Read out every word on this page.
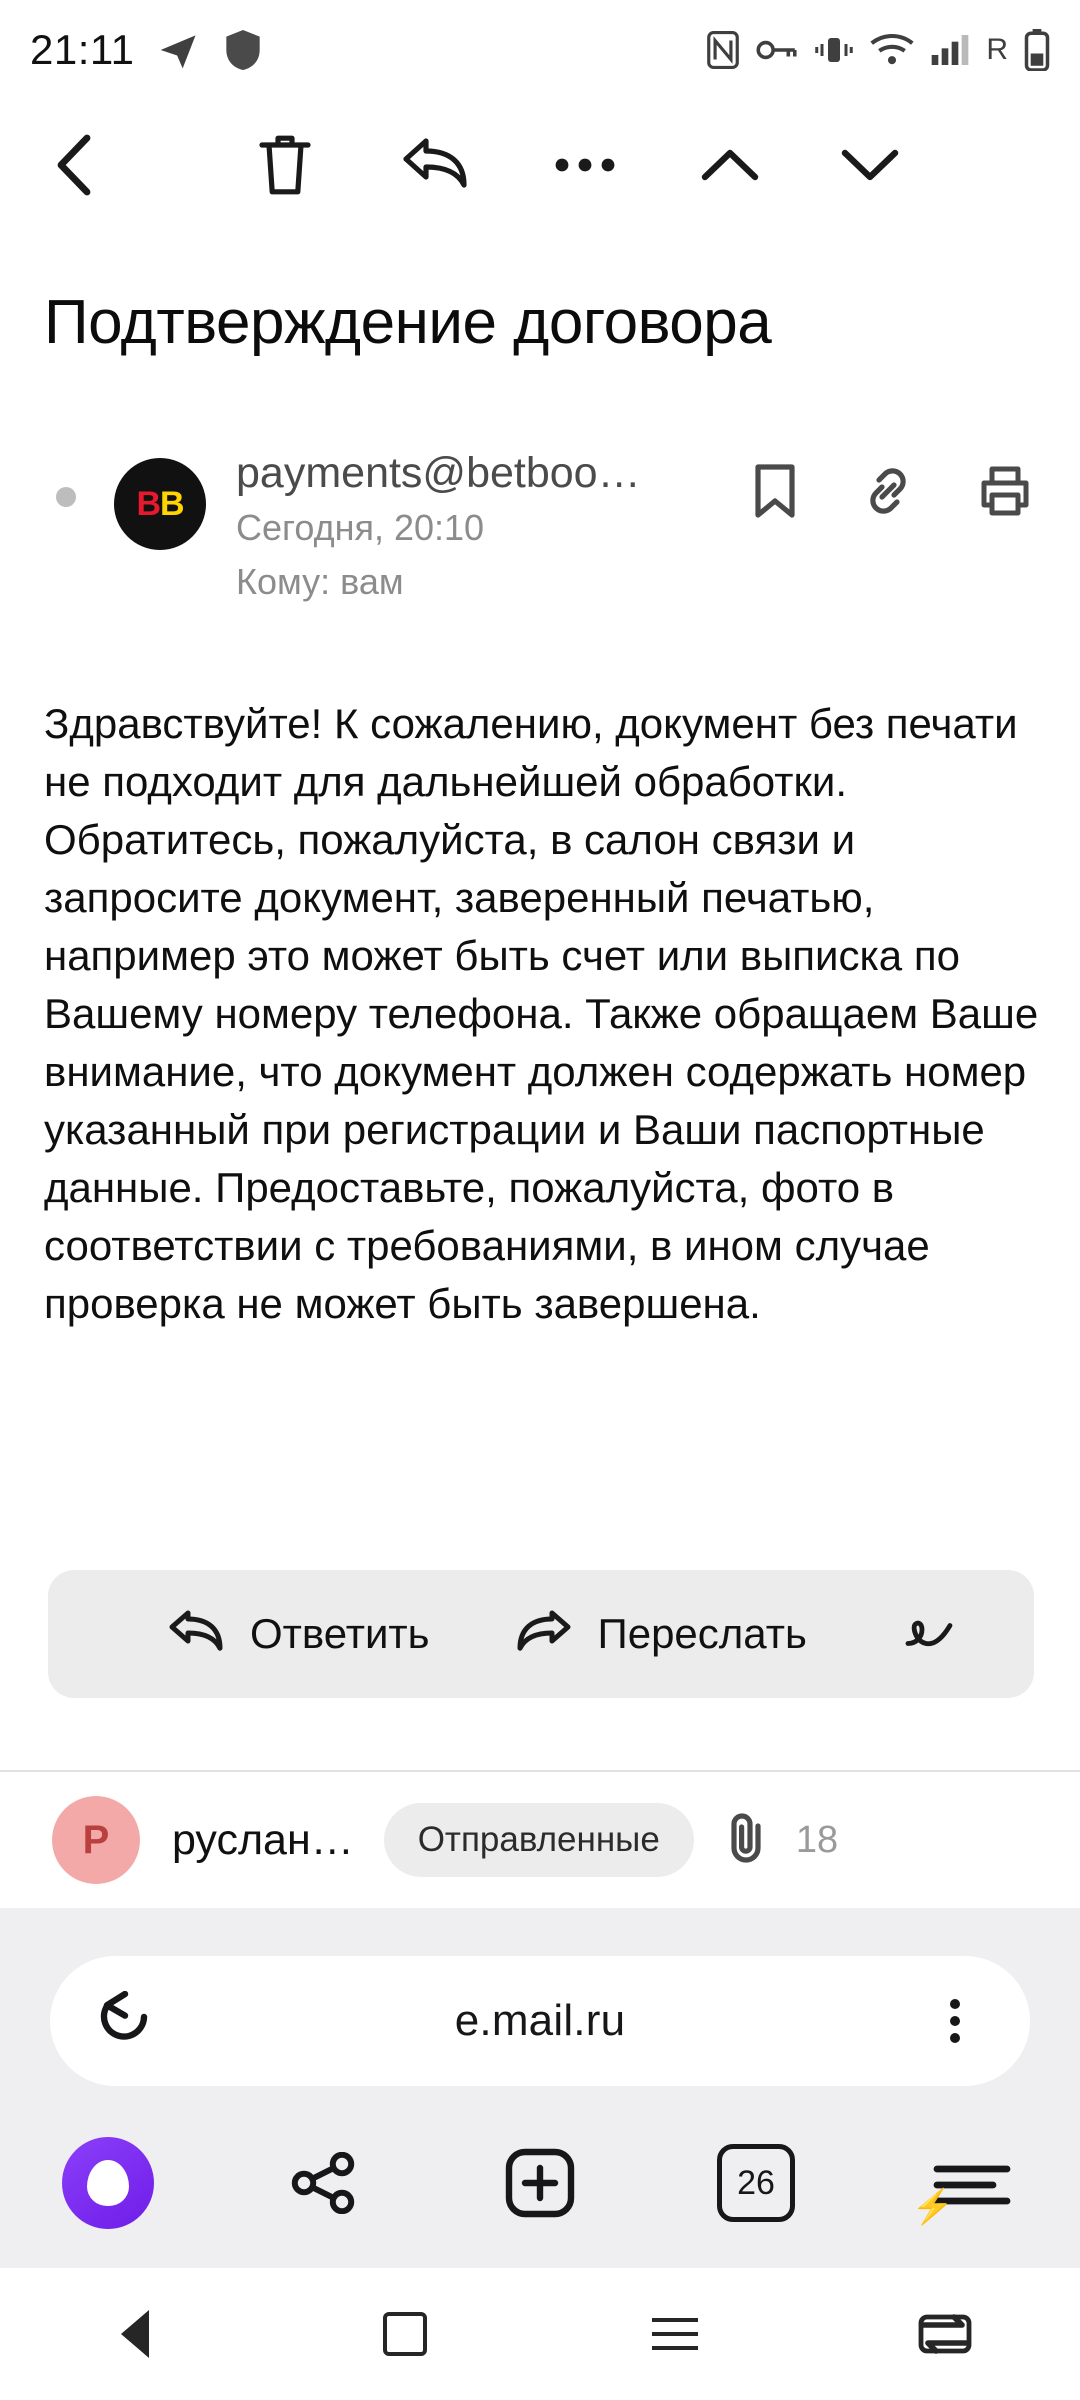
21:11	R
Подтверждение договора
B B
payments@betboo…
Сегодня, 20:10
Кому: вам
Здравствуйте! К сожалению, документ без печати не подходит для дальнейшей обработки. Обратитесь, пожалуйста, в салон связи и запросите документ, заверенный печатью, например это может быть счет или выписка по Вашему номеру телефона. Также обращаем Ваше внимание, что документ должен содержать номер указанный при регистрации и Ваши паспортные данные. Предоставьте, пожалуйста, фото в соответствии с требованиями, в ином случае проверка не может быть завершена.
Ответить	Переслать
P	руслан…	Отправленные	18
e.mail.ru
26
⚡
